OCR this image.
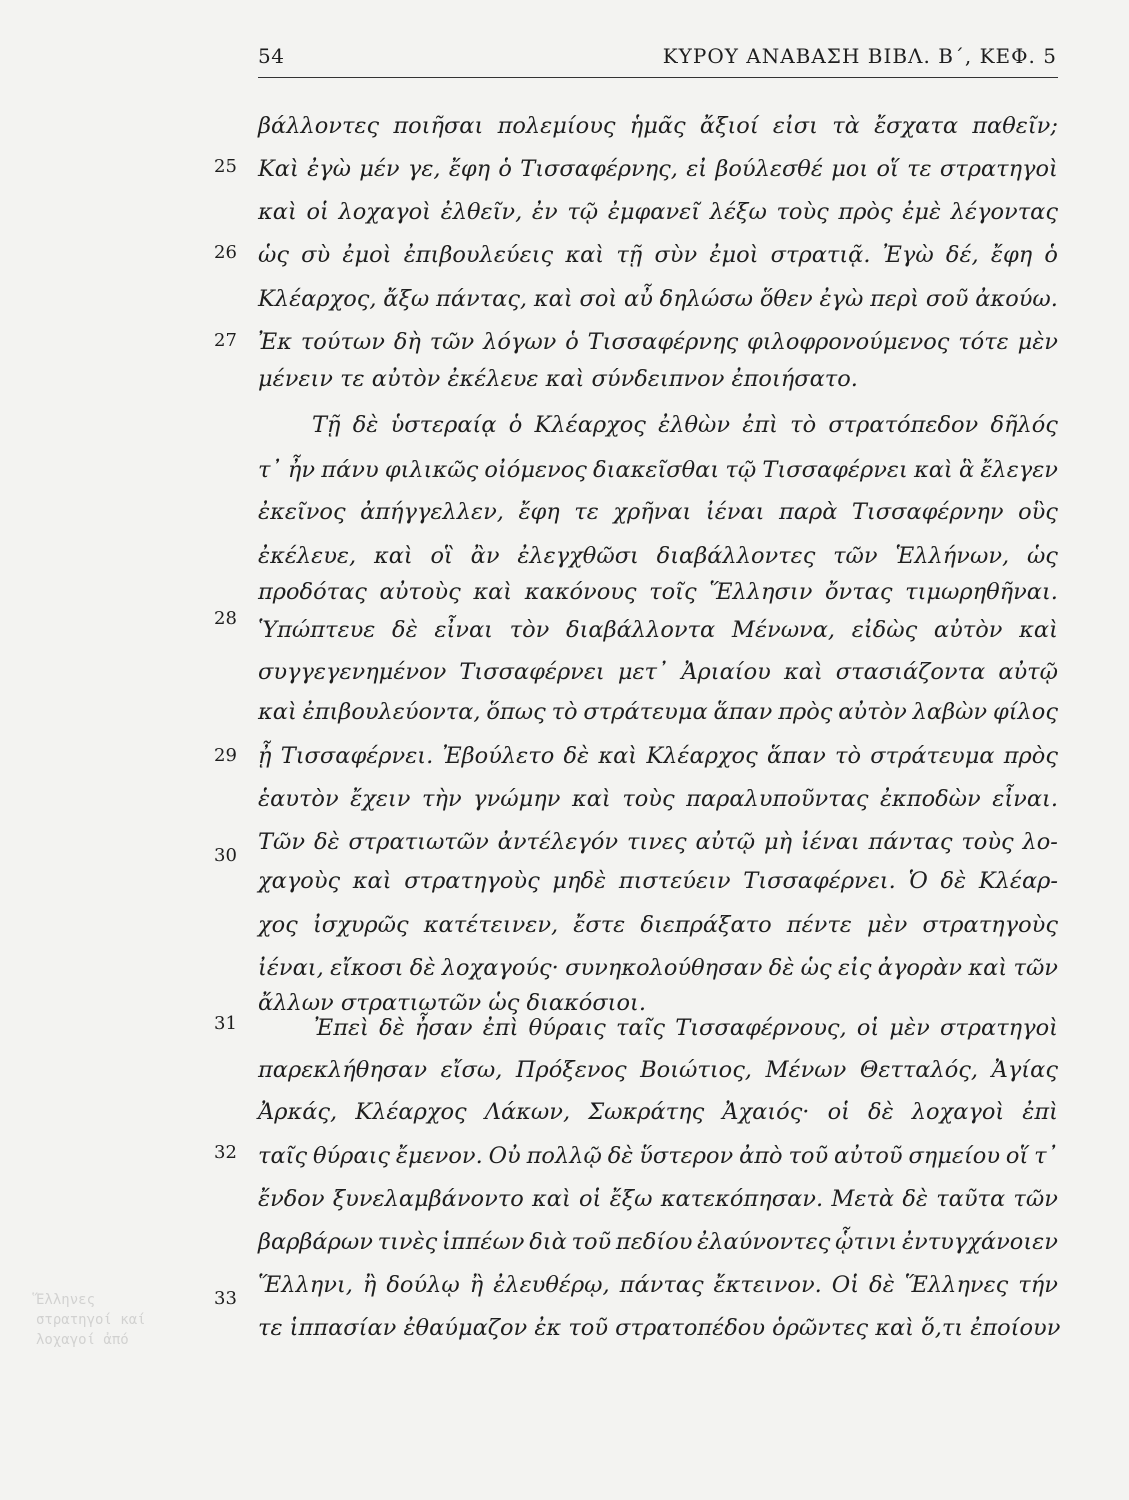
54	ΚΥΡΟΥ ΑΝΑΒΑΣΗ ΒΙΒΛ. Β΄, ΚΕΦ. 5
25
26
27
28
29
30
31
32
33
Ἕλληνες
στρατηγοί καί
λοχαγοί ἀπό
βάλλοντες ποιῆσαι πολεμίους ἡμᾶς ἄξιοί εἰσι τὰ ἔσχατα παθεῖν;
Καὶ ἐγὼ μέν γε, ἔφη ὁ Τισσαφέρνης, εἰ βούλεσθέ μοι οἵ τε στρατηγοὶ
καὶ οἱ λοχαγοὶ ἐλθεῖν, ἐν τῷ ἐμφανεῖ λέξω τοὺς πρὸς ἐμὲ λέγοντας
ὡς σὺ ἐμοὶ ἐπιβουλεύεις καὶ τῇ σὺν ἐμοὶ στρατιᾷ. Ἐγὼ δέ, ἔφη ὁ
Κλέαρχος, ἄξω πάντας, καὶ σοὶ αὖ δηλώσω ὅθεν ἐγὼ περὶ σοῦ ἀκούω.
Ἐκ τούτων δὴ τῶν λόγων ὁ Τισσαφέρνης φιλοφρονούμενος τότε μὲν
μένειν τε αὐτὸν ἐκέλευε καὶ σύνδειπνον ἐποιήσατο.
Τῇ δὲ ὑστεραίᾳ ὁ Κλέαρχος ἐλθὼν ἐπὶ τὸ στρατόπεδον δῆλός
τ᾽ ἦν πάνυ φιλικῶς οἰόμενος διακεῖσθαι τῷ Τισσαφέρνει καὶ ἃ ἔλεγεν
ἐκεῖνος ἀπήγγελλεν, ἔφη τε χρῆναι ἰέναι παρὰ Τισσαφέρνην οὓς
ἐκέλευε, καὶ οἳ ἂν ἐλεγχθῶσι διαβάλλοντες τῶν Ἑλλήνων, ὡς
προδότας αὐτοὺς καὶ κακόνους τοῖς Ἕλλησιν ὄντας τιμωρηθῆναι.
Ὑπώπτευε δὲ εἶναι τὸν διαβάλλοντα Μένωνα, εἰδὼς αὐτὸν καὶ
συγγεγενημένον Τισσαφέρνει μετ᾽ Ἀριαίου καὶ στασιάζοντα αὐτῷ
καὶ ἐπιβουλεύοντα, ὅπως τὸ στράτευμα ἅπαν πρὸς αὐτὸν λαβὼν φίλος
ᾖ Τισσαφέρνει. Ἐβούλετο δὲ καὶ Κλέαρχος ἅπαν τὸ στράτευμα πρὸς
ἑαυτὸν ἔχειν τὴν γνώμην καὶ τοὺς παραλυποῦντας ἐκποδὼν εἶναι.
Τῶν δὲ στρατιωτῶν ἀντέλεγόν τινες αὐτῷ μὴ ἰέναι πάντας τοὺς λο-
χαγοὺς καὶ στρατηγοὺς μηδὲ πιστεύειν Τισσαφέρνει. Ὁ δὲ Κλέαρ-
χος ἰσχυρῶς κατέτεινεν, ἔστε διεπράξατο πέντε μὲν στρατηγοὺς
ἰέναι, εἴκοσι δὲ λοχαγούς· συνηκολούθησαν δὲ ὡς εἰς ἀγορὰν καὶ τῶν
ἄλλων στρατιωτῶν ὡς διακόσιοι.
Ἐπεὶ δὲ ἦσαν ἐπὶ θύραις ταῖς Τισσαφέρνους, οἱ μὲν στρατηγοὶ
παρεκλήθησαν εἴσω, Πρόξενος Βοιώτιος, Μένων Θετταλός, Ἀγίας
Ἀρκάς, Κλέαρχος Λάκων, Σωκράτης Ἀχαιός· οἱ δὲ λοχαγοὶ ἐπὶ
ταῖς θύραις ἔμενον. Οὐ πολλῷ δὲ ὕστερον ἀπὸ τοῦ αὐτοῦ σημείου οἵ τ᾽
ἔνδον ξυνελαμβάνοντο καὶ οἱ ἔξω κατεκόπησαν. Μετὰ δὲ ταῦτα τῶν
βαρβάρων τινὲς ἱππέων διὰ τοῦ πεδίου ἐλαύνοντες ᾧτινι ἐντυγχάνοιεν
Ἕλληνι, ἢ δούλῳ ἢ ἐλευθέρῳ, πάντας ἔκτεινον. Οἱ δὲ Ἕλληνες τήν
τε ἱππασίαν ἐθαύμαζον ἐκ τοῦ στρατοπέδου ὁρῶντες καὶ ὅ,τι ἐποίουν
